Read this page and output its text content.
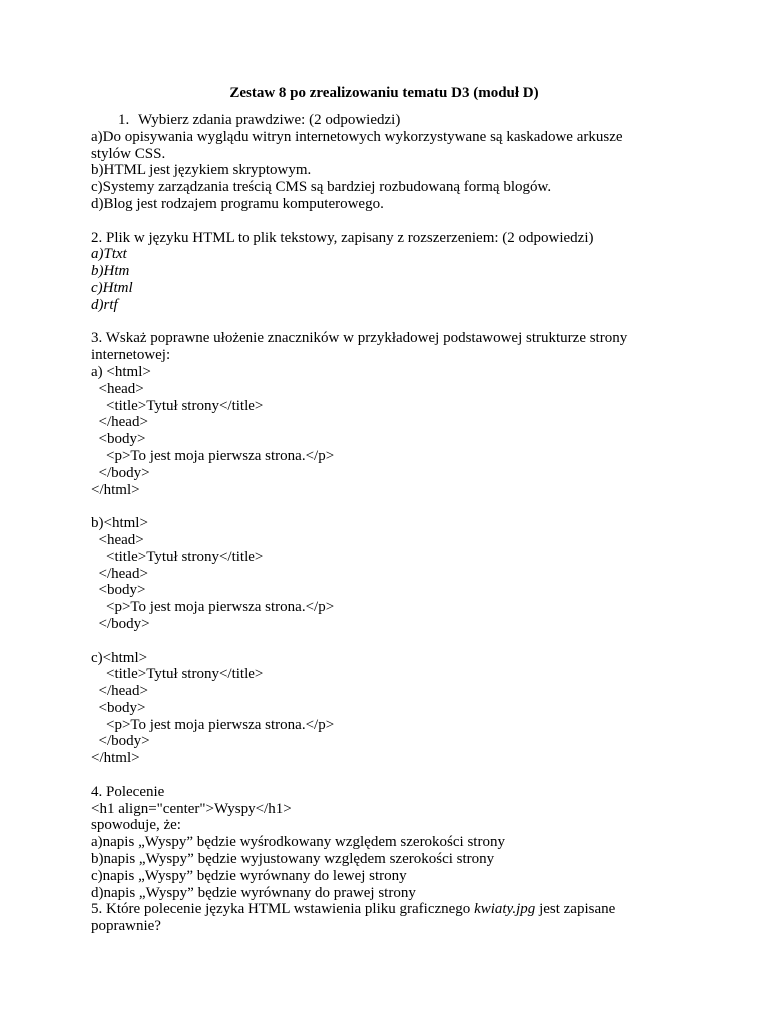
Zestaw 8 po zrealizowaniu tematu D3 (moduł D)
1. Wybierz zdania prawdziwe: (2 odpowiedzi)
a)Do opisywania wyglądu witryn internetowych wykorzystywane są kaskadowe arkusze
stylów CSS.
b)HTML jest językiem skryptowym.
c)Systemy zarządzania treścią CMS są bardziej rozbudowaną formą blogów.
d)Blog jest rodzajem programu komputerowego.
2. Plik w języku HTML to plik tekstowy, zapisany z rozszerzeniem: (2 odpowiedzi)
a)Ttxt
b)Htm
c)Html
d)rtf
3. Wskaż poprawne ułożenie znaczników w przykładowej podstawowej strukturze strony
internetowej:
a) <html>
<head>
<title>Tytuł strony</title>
</head>
<body>
<p>To jest moja pierwsza strona.</p>
</body>
</html>
b)<html>
<head>
<title>Tytuł strony</title>
</head>
<body>
<p>To jest moja pierwsza strona.</p>
</body>
c)<html>
<title>Tytuł strony</title>
</head>
<body>
<p>To jest moja pierwsza strona.</p>
</body>
</html>
4. Polecenie
<h1 align="center">Wyspy</h1>
spowoduje, że:
a)napis „Wyspy” będzie wyśrodkowany względem szerokości strony
b)napis „Wyspy” będzie wyjustowany względem szerokości strony
c)napis „Wyspy” będzie wyrównany do lewej strony
d)napis „Wyspy” będzie wyrównany do prawej strony
5. Które polecenie języka HTML wstawienia pliku graficznego kwiaty.jpg jest zapisane
poprawnie?
